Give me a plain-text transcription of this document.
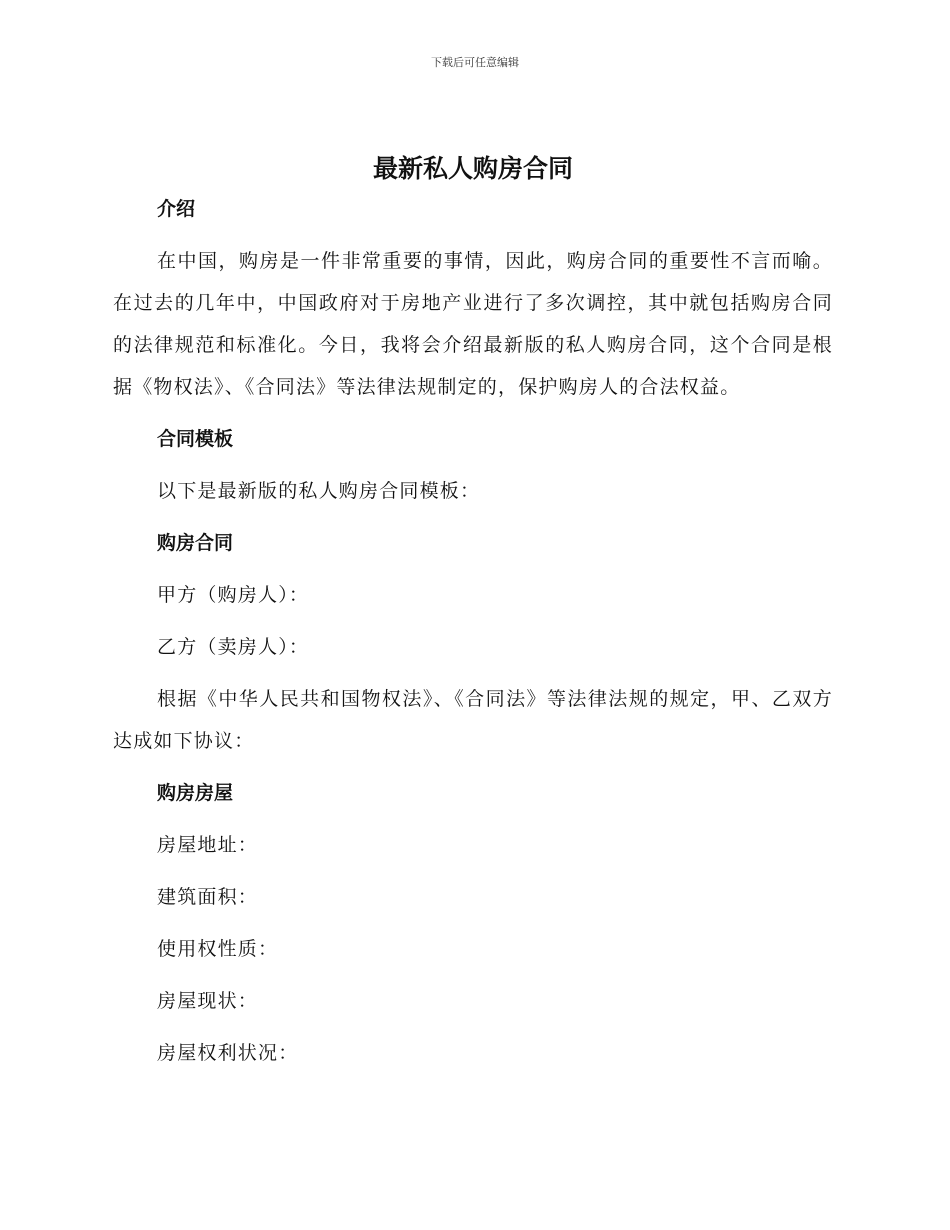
下载后可任意编辑
最新私人购房合同

介绍

在中国，购房是一件非常重要的事情，因此，购房合同的重要性不言而喻。在过去的几年中，中国政府对于房地产业进行了多次调控，其中就包括购房合同的法律规范和标准化。今日，我将会介绍最新版的私人购房合同，这个合同是根据《物权法》、《合同法》等法律法规制定的，保护购房人的合法权益。

合同模板

以下是最新版的私人购房合同模板：

购房合同

甲方（购房人）：

乙方（卖房人）：

根据《中华人民共和国物权法》、《合同法》等法律法规的规定，甲、乙双方达成如下协议：

购房房屋

房屋地址：

建筑面积：

使用权性质：

房屋现状：

房屋权利状况：
